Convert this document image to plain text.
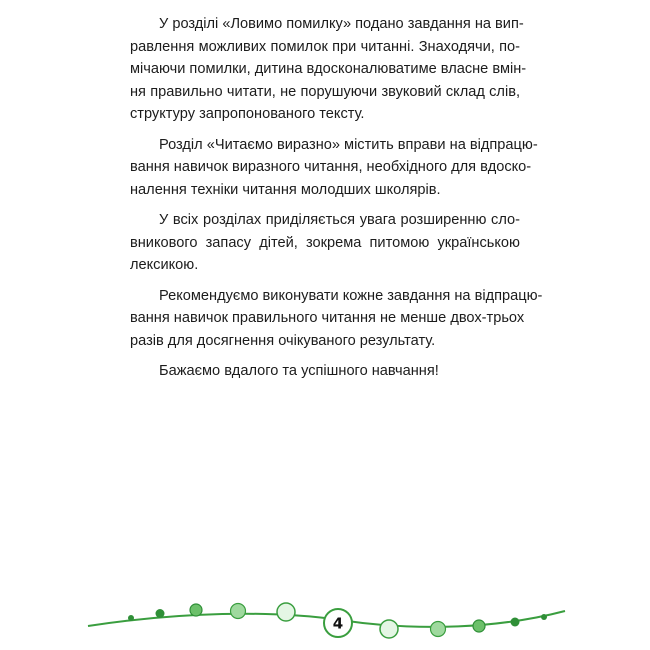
У розділі «Ловимо помилку» подано завдання на вип-
равлення можливих помилок при читанні. Знаходячи, по-
мічаючи помилки, дитина вдосконалюватиме власне вмін-
ня правильно читати, не порушуючи звуковий склад слів,
структуру запропонованого тексту.
Розділ «Читаємо виразно» містить вправи на відпрацю-
вання навичок виразного читання, необхідного для вдоско-
налення техніки читання молодших школярів.
У всіх розділах приділяється увага розширенню сло-
вникового запасу дітей, зокрема питомою українською
лексикою.
Рекомендуємо виконувати кожне завдання на відпрацю-
вання навичок правильного читання не менше двох-трьох
разів для досягнення очікуваного результату.
Бажаємо вдалого та успішного навчання!
4
